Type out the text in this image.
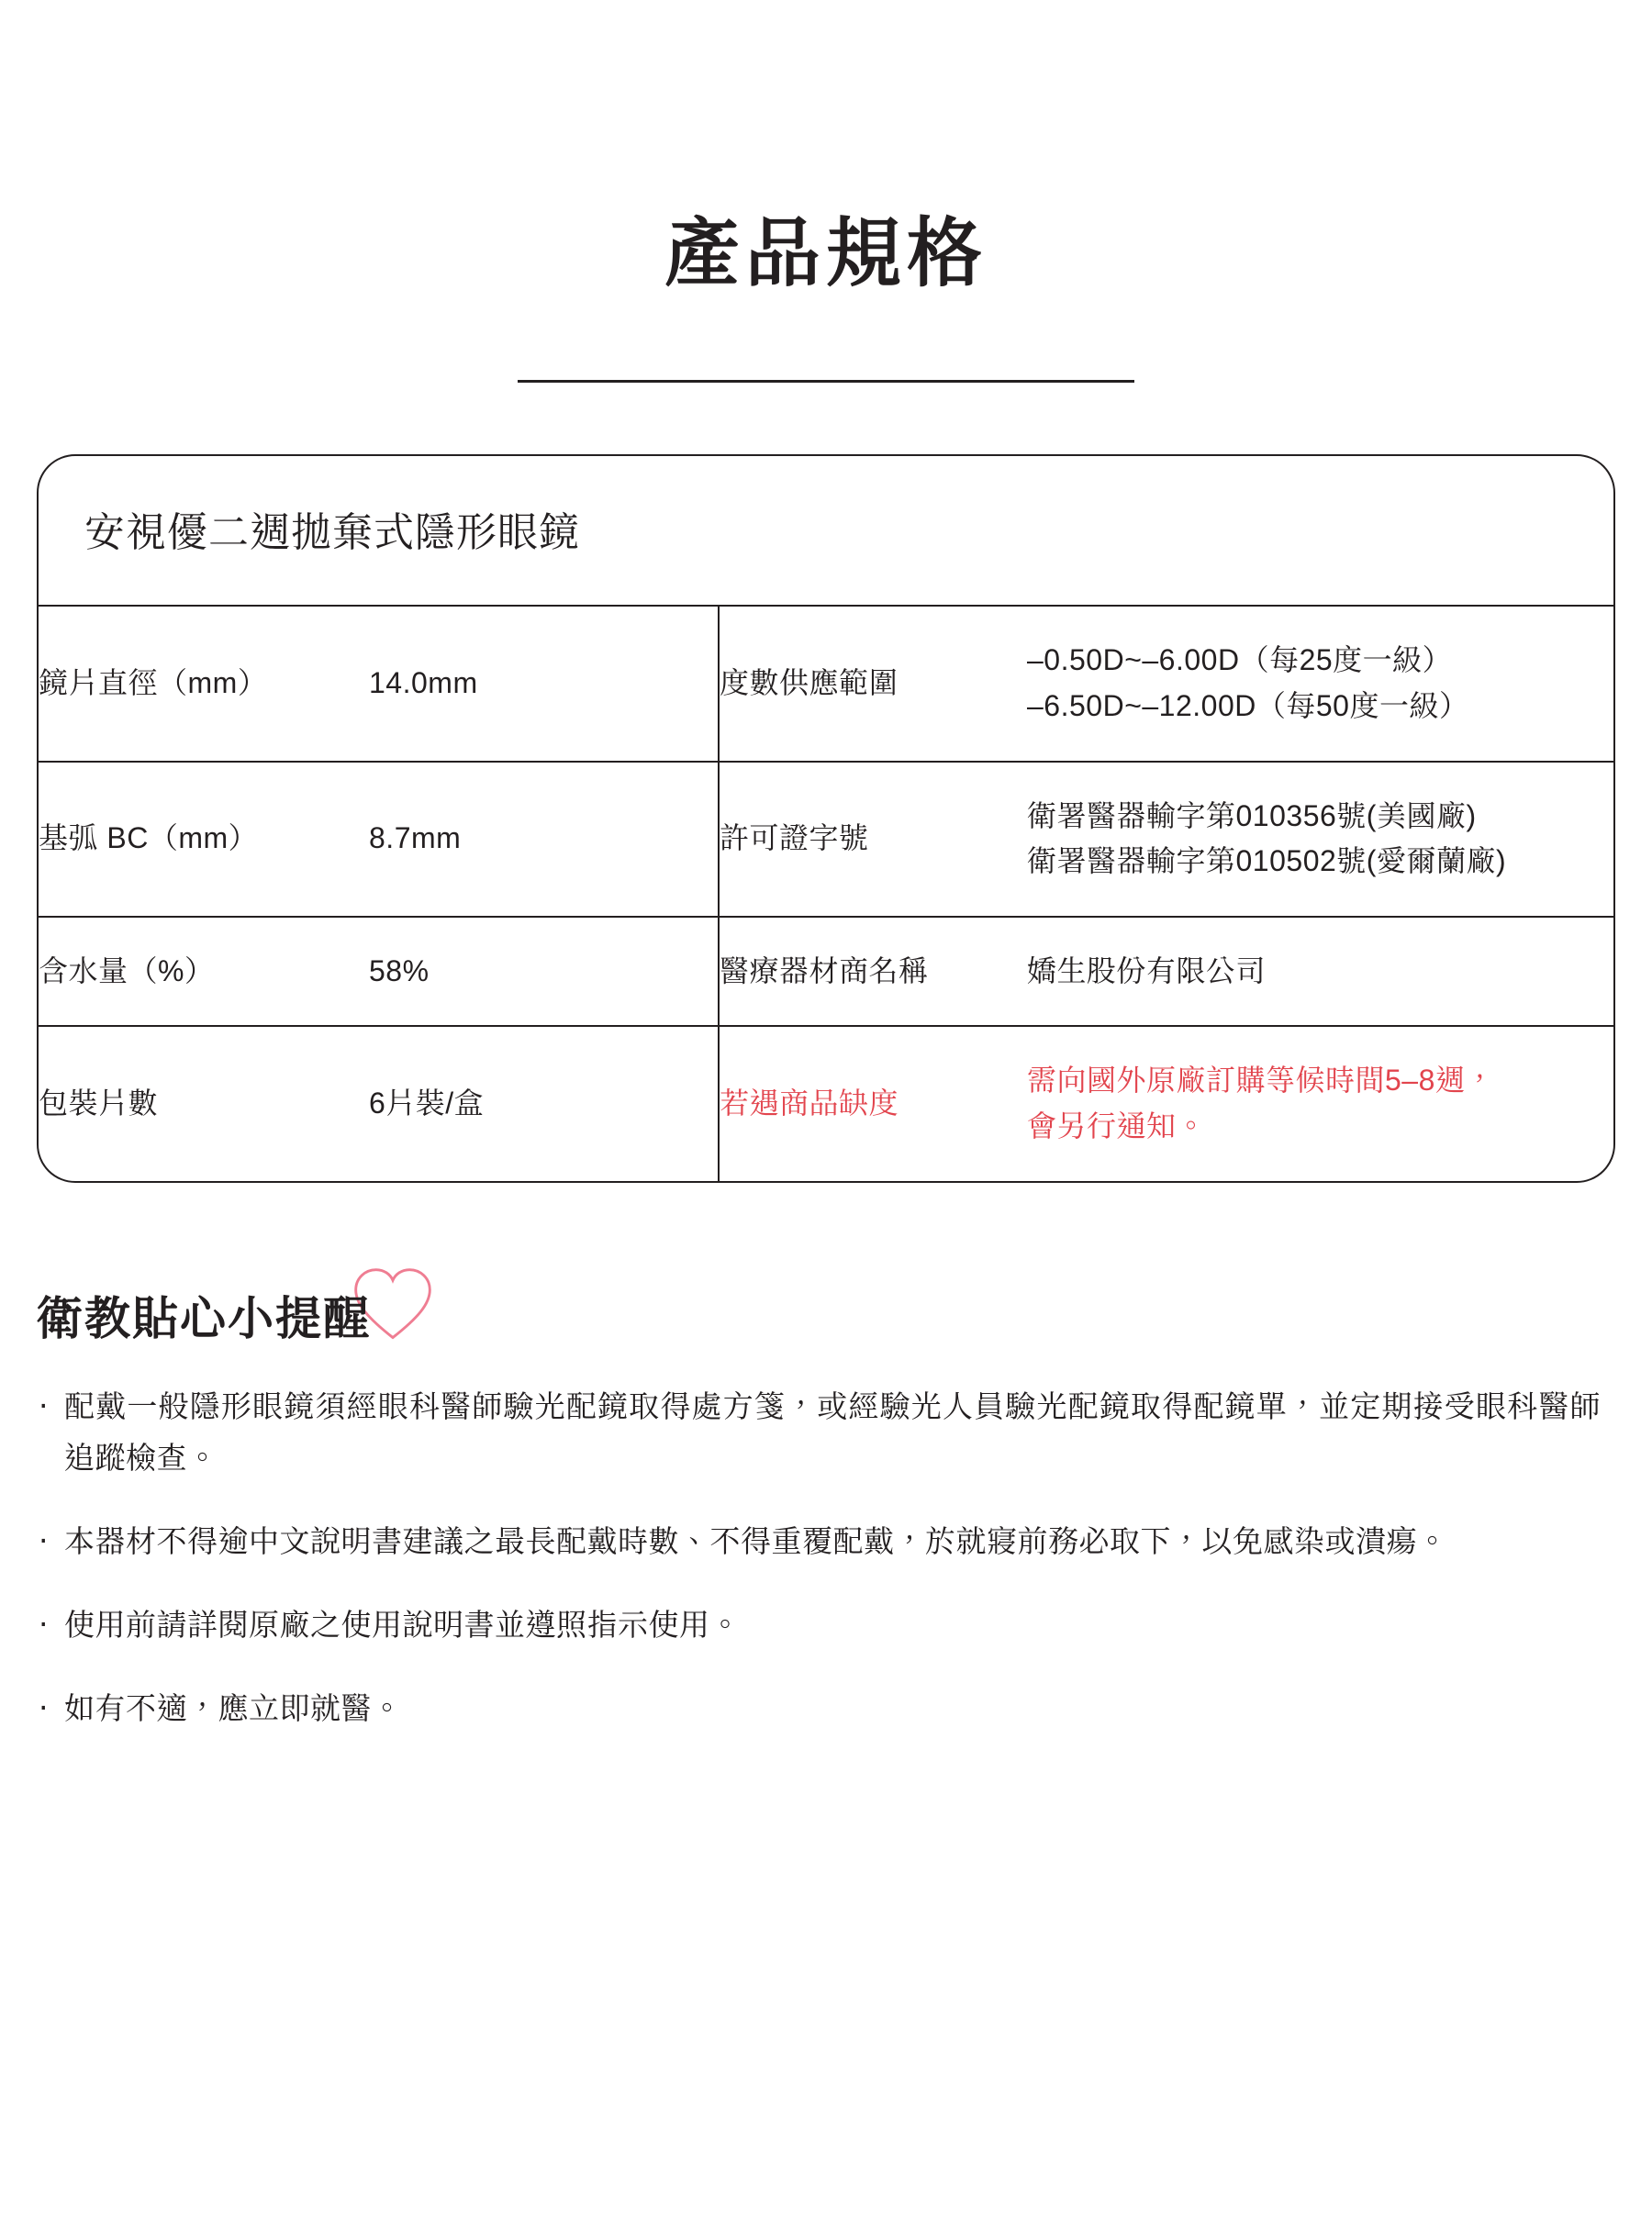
產品規格
安視優二週拋棄式隱形眼鏡
鏡片直徑（mm）	14.0mm	度數供應範圍	–0.50D~–6.00D（每25度一級）
–6.50D~–12.00D（每50度一級）

基弧 BC（mm）	8.7mm	許可證字號	衛署醫器輸字第010356號(美國廠)
衛署醫器輸字第010502號(愛爾蘭廠)

含水量（%）	58%	醫療器材商名稱	嬌生股份有限公司

包裝片數	6片裝/盒	若遇商品缺度	需向國外原廠訂購等候時間5–8週，
會另行通知。
衛教貼心小提醒
‧ 配戴一般隱形眼鏡須經眼科醫師驗光配鏡取得處方箋，或經驗光人員驗光配鏡取得配鏡單，並定期接受眼科醫師追蹤檢查。
‧ 本器材不得逾中文說明書建議之最長配戴時數、不得重覆配戴，於就寢前務必取下，以免感染或潰瘍。
‧ 使用前請詳閱原廠之使用說明書並遵照指示使用。
‧ 如有不適，應立即就醫。
